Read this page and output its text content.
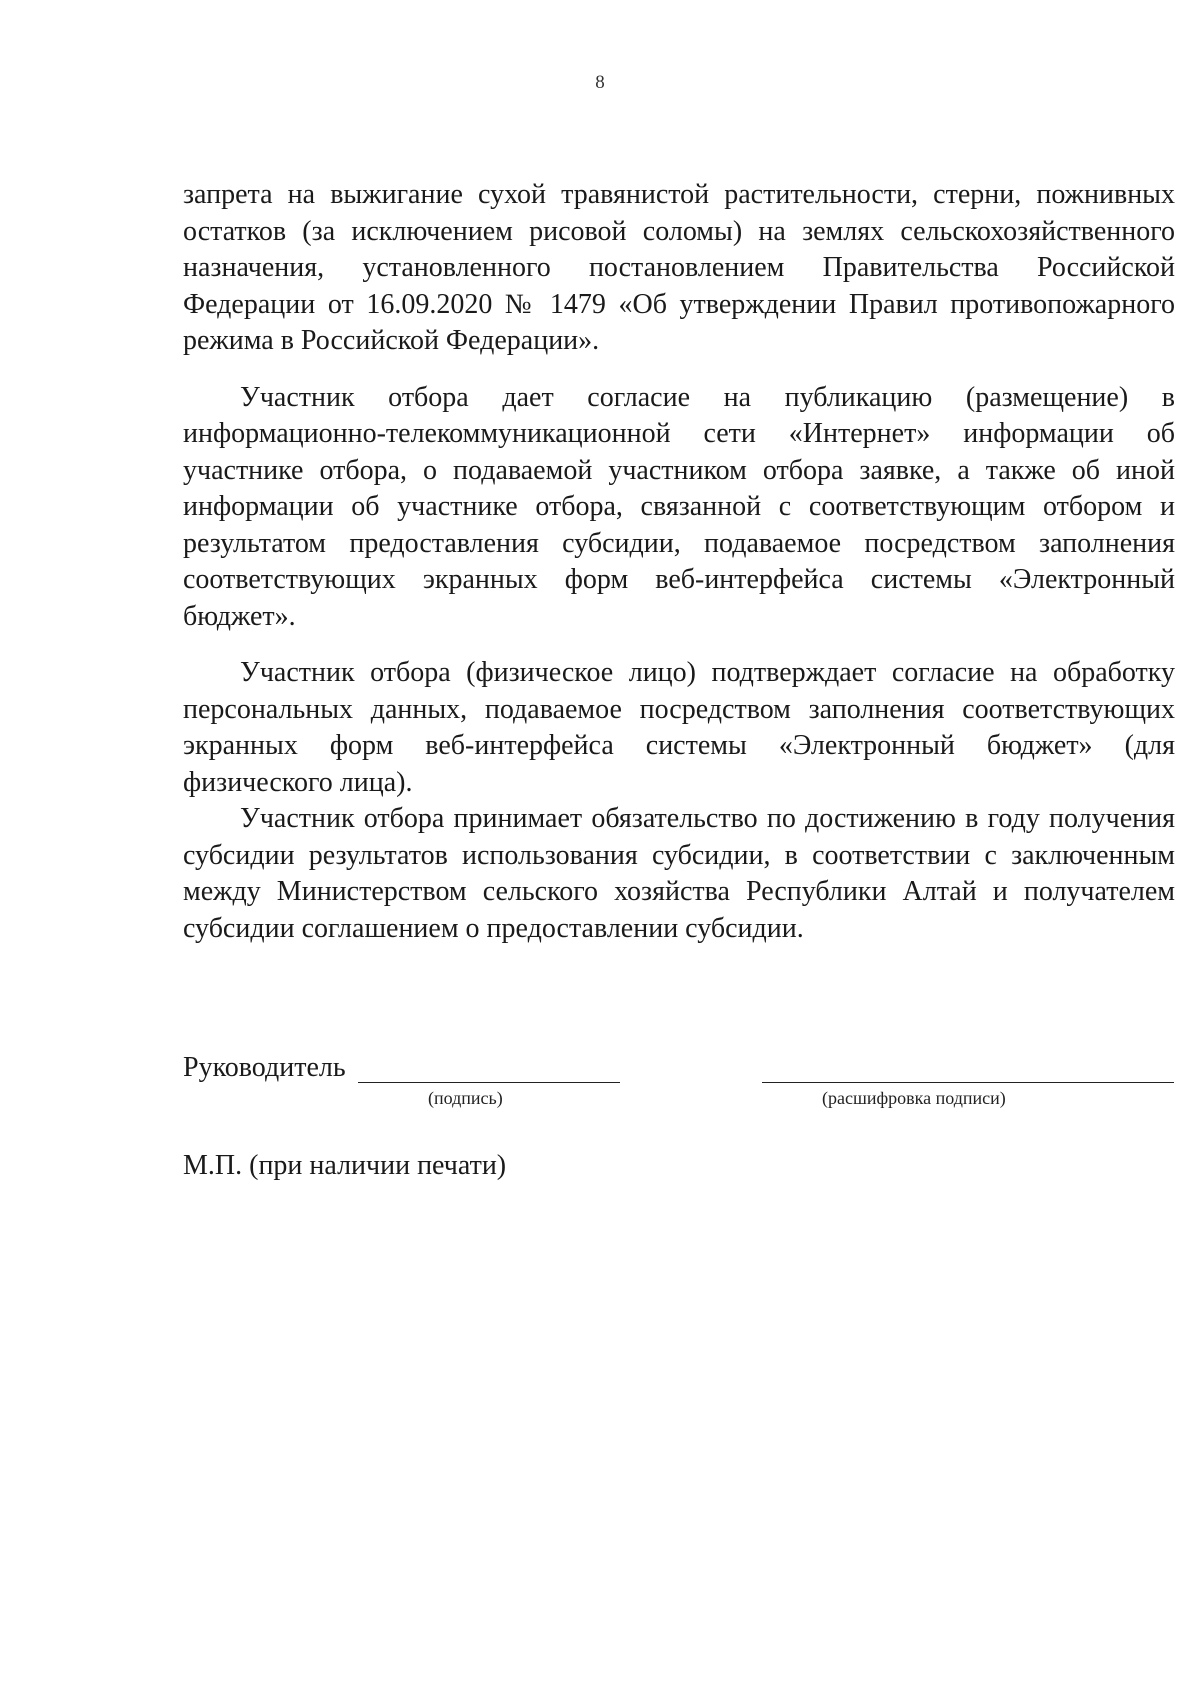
8

запрета на выжигание сухой травянистой растительности, стерни, пожнивных остатков (за исключением рисовой соломы) на землях сельскохозяйственного назначения, установленного постановлением Правительства Российской Федерации от 16.09.2020 № 1479 «Об утверждении Правил противопожарного режима в Российской Федерации».

Участник отбора дает согласие на публикацию (размещение) в информационно-телекоммуникационной сети «Интернет» информации об участнике отбора, о подаваемой участником отбора заявке, а также об иной информации об участнике отбора, связанной с соответствующим отбором и результатом предоставления субсидии, подаваемое посредством заполнения соответствующих экранных форм веб-интерфейса системы «Электронный бюджет».

Участник отбора (физическое лицо) подтверждает согласие на обработку персональных данных, подаваемое посредством заполнения соответствующих экранных форм веб-интерфейса системы «Электронный бюджет» (для физического лица).

Участник отбора принимает обязательство по достижению в году получения субсидии результатов использования субсидии, в соответствии с заключенным между Министерством сельского хозяйства Республики Алтай и получателем субсидии соглашением о предоставлении субсидии.

Руководитель
(подпись)	(расшифровка подписи)
М.П. (при наличии печати)
